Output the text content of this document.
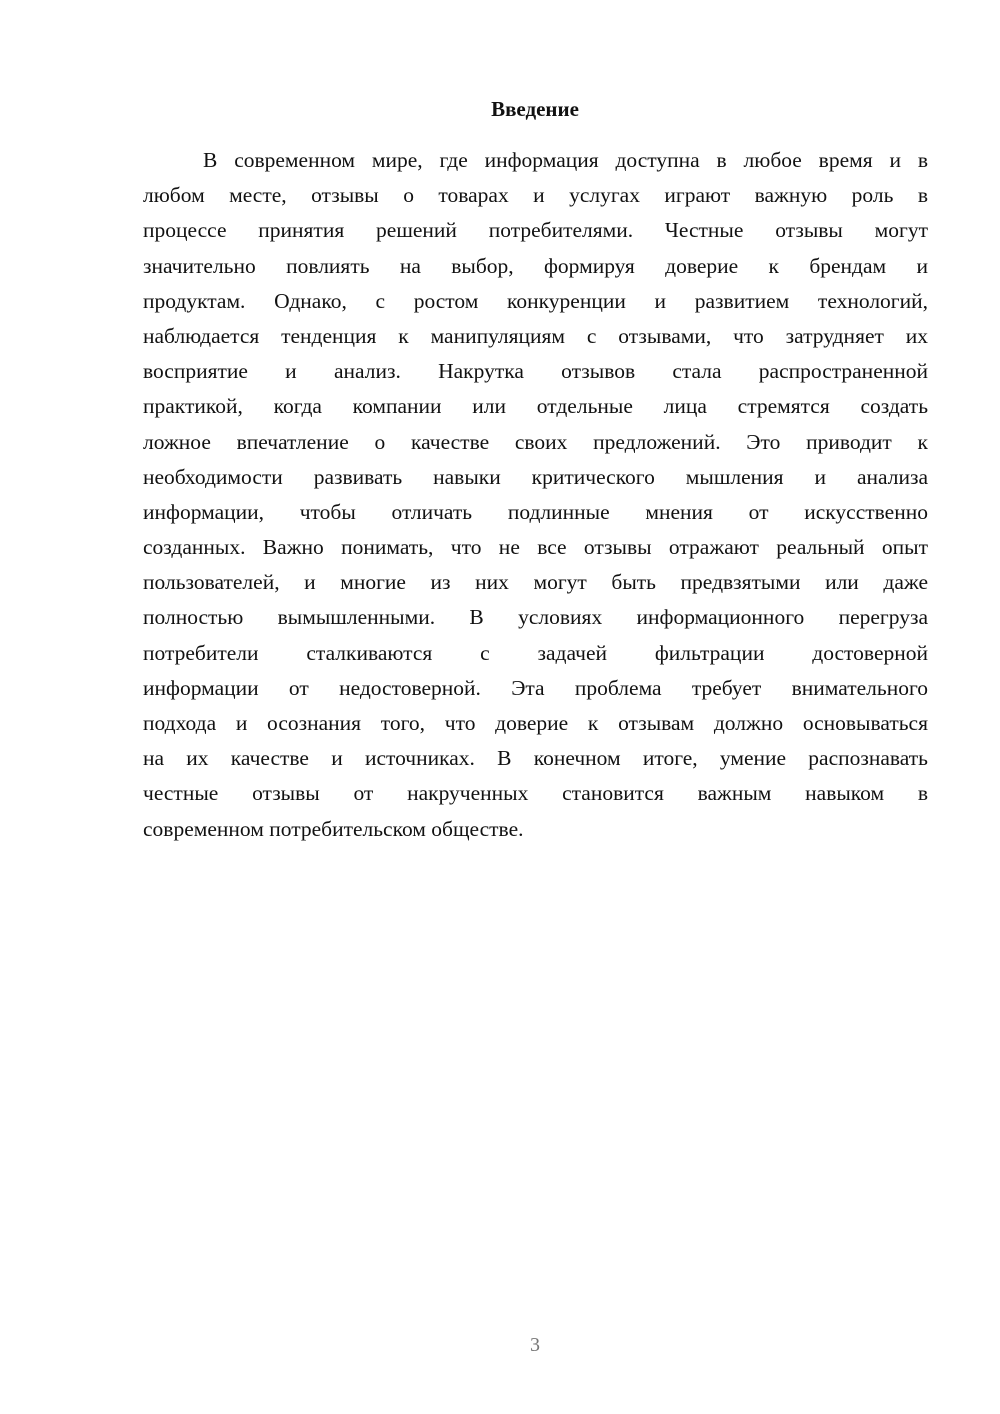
Введение
В современном мире, где информация доступна в любое время и в
любом месте, отзывы о товарах и услугах играют важную роль в
процессе принятия решений потребителями. Честные отзывы могут
значительно повлиять на выбор, формируя доверие к брендам и
продуктам. Однако, с ростом конкуренции и развитием технологий,
наблюдается тенденция к манипуляциям с отзывами, что затрудняет их
восприятие и анализ. Накрутка отзывов стала распространенной
практикой, когда компании или отдельные лица стремятся создать
ложное впечатление о качестве своих предложений. Это приводит к
необходимости развивать навыки критического мышления и анализа
информации, чтобы отличать подлинные мнения от искусственно
созданных. Важно понимать, что не все отзывы отражают реальный опыт
пользователей, и многие из них могут быть предвзятыми или даже
полностью вымышленными. В условиях информационного перегруза
потребители сталкиваются с задачей фильтрации достоверной
информации от недостоверной. Эта проблема требует внимательного
подхода и осознания того, что доверие к отзывам должно основываться
на их качестве и источниках. В конечном итоге, умение распознавать
честные отзывы от накрученных становится важным навыком в
современном потребительском обществе.
3
